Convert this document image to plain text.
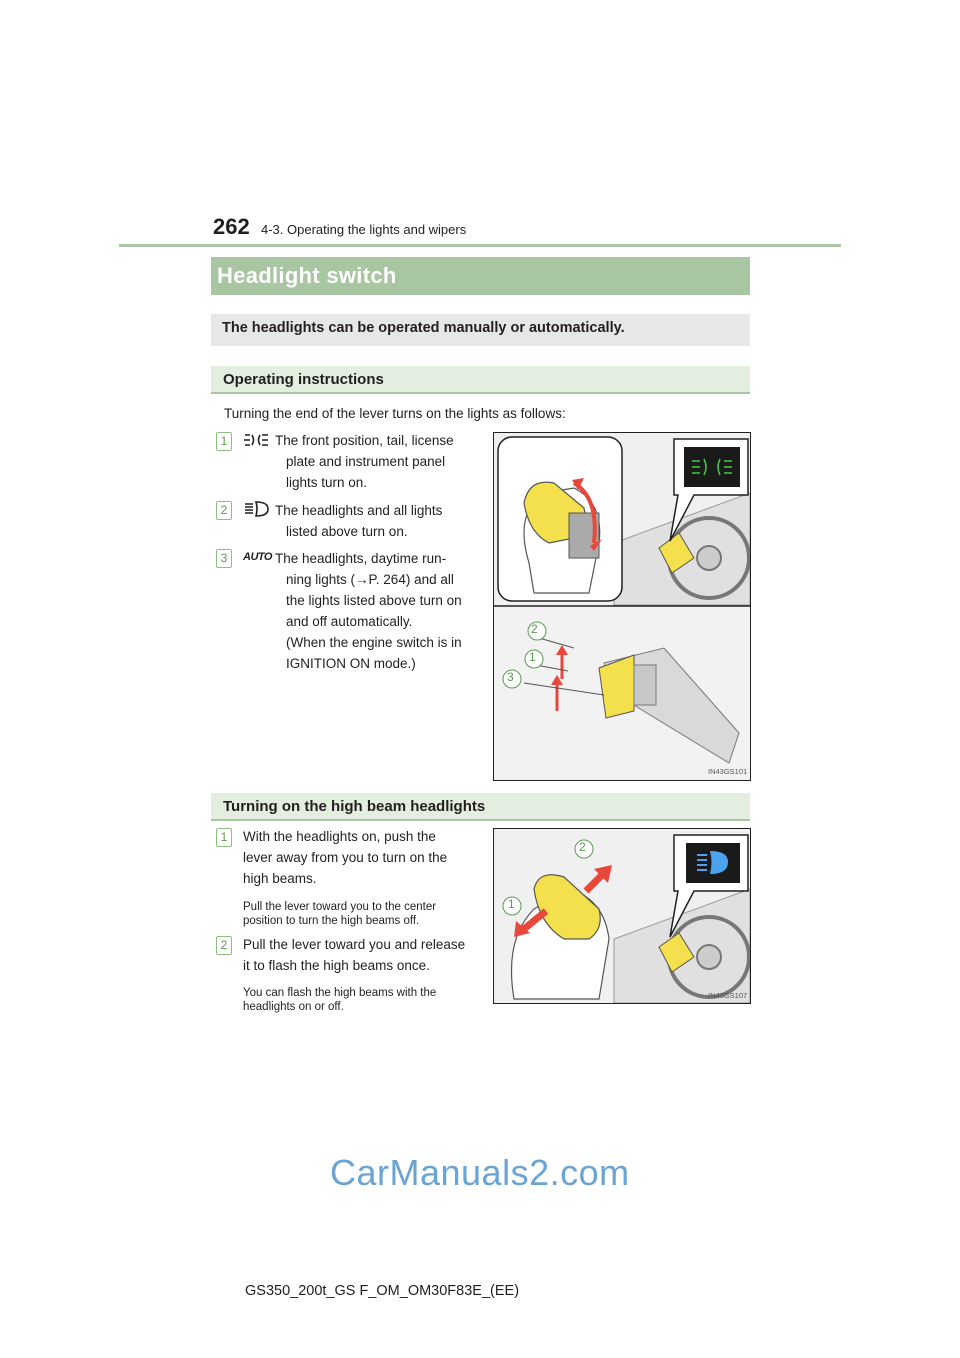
262 4-3. Operating the lights and wipers
Headlight switch
The headlights can be operated manually or automatically.
Operating instructions
Turning the end of the lever turns on the lights as follows:
1	The front position, tail, license
plate and instrument panel
lights turn on.
2	The headlights and all lights
listed above turn on.
3	AUTO The headlights, daytime run-
ning lights (→P. 264) and all
the lights listed above turn on
and off automatically.
(When the engine switch is in
IGNITION ON mode.)
2
1
3
IN43GS101
Turning on the high beam headlights
1	With the headlights on, push the
lever away from you to turn on the
high beams.
Pull the lever toward you to the center
position to turn the high beams off.
2	Pull the lever toward you and release
it to flash the high beams once.
You can flash the high beams with the
headlights on or off.
2
1
IN43GS107
CarManuals2.com
GS350_200t_GS F_OM_OM30F83E_(EE)
